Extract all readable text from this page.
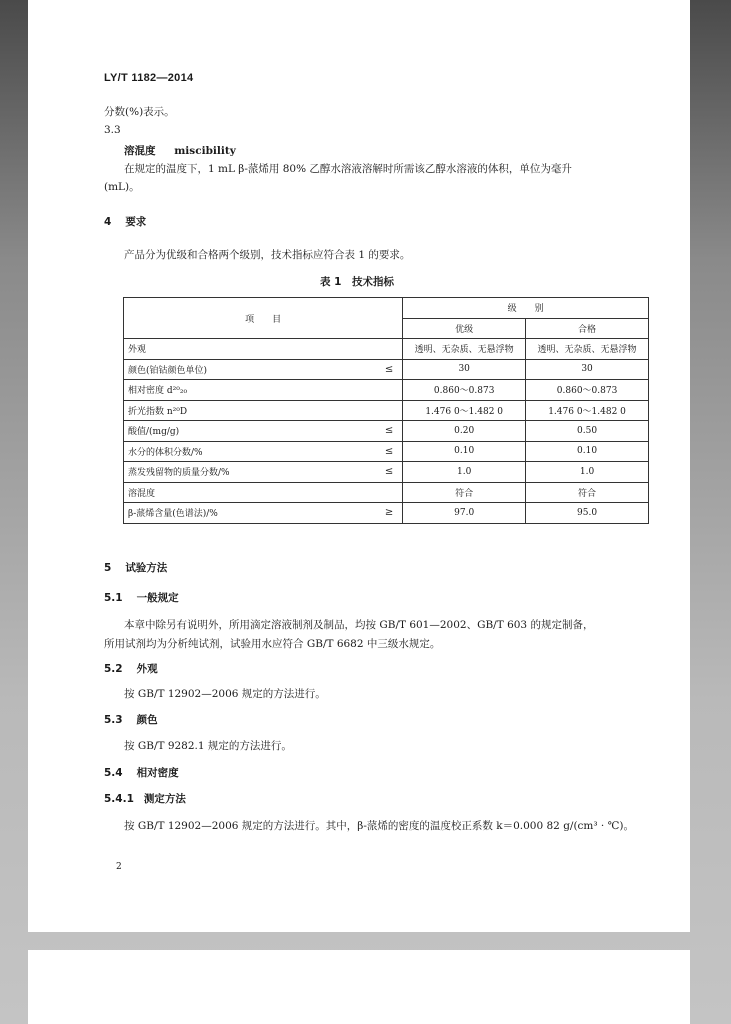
LY/T 1182—2014
分数(%)表示。
3.3
溶混度 miscibility
在规定的温度下，1 mL β-蒎烯用 80% 乙醇水溶液溶解时所需该乙醇水溶液的体积，单位为毫升
(mL)。
4 要求
产品分为优级和合格两个级别，技术指标应符合表 1 的要求。
表 1　技术指标
项　　目		级　　别	
		优级	合格
外观		透明、无杂质、无悬浮物	透明、无杂质、无悬浮物
颜色(铂钴颜色单位)	≤	30	30
相对密度 d²⁰₂₀		0.860～0.873	0.860～0.873
折光指数 n²⁰D		1.476 0～1.482 0	1.476 0～1.482 0
酸值/(mg/g)	≤	0.20	0.50
水分的体积分数/%	≤	0.10	0.10
蒸发残留物的质量分数/%	≤	1.0	1.0
溶混度		符合	符合
β-蒎烯含量(色谱法)/%	≥	97.0	95.0
5 试验方法
5.1 一般规定
本章中除另有说明外，所用滴定溶液制剂及制品，均按 GB/T 601—2002、GB/T 603 的规定制备，
所用试剂均为分析纯试剂，试验用水应符合 GB/T 6682 中三级水规定。
5.2 外观
按 GB/T 12902—2006 规定的方法进行。
5.3 颜色
按 GB/T 9282.1 规定的方法进行。
5.4 相对密度
5.4.1 测定方法
按 GB/T 12902—2006 规定的方法进行。其中，β-蒎烯的密度的温度校正系数 k＝0.000 82 g/(cm³ · ℃)。
2
